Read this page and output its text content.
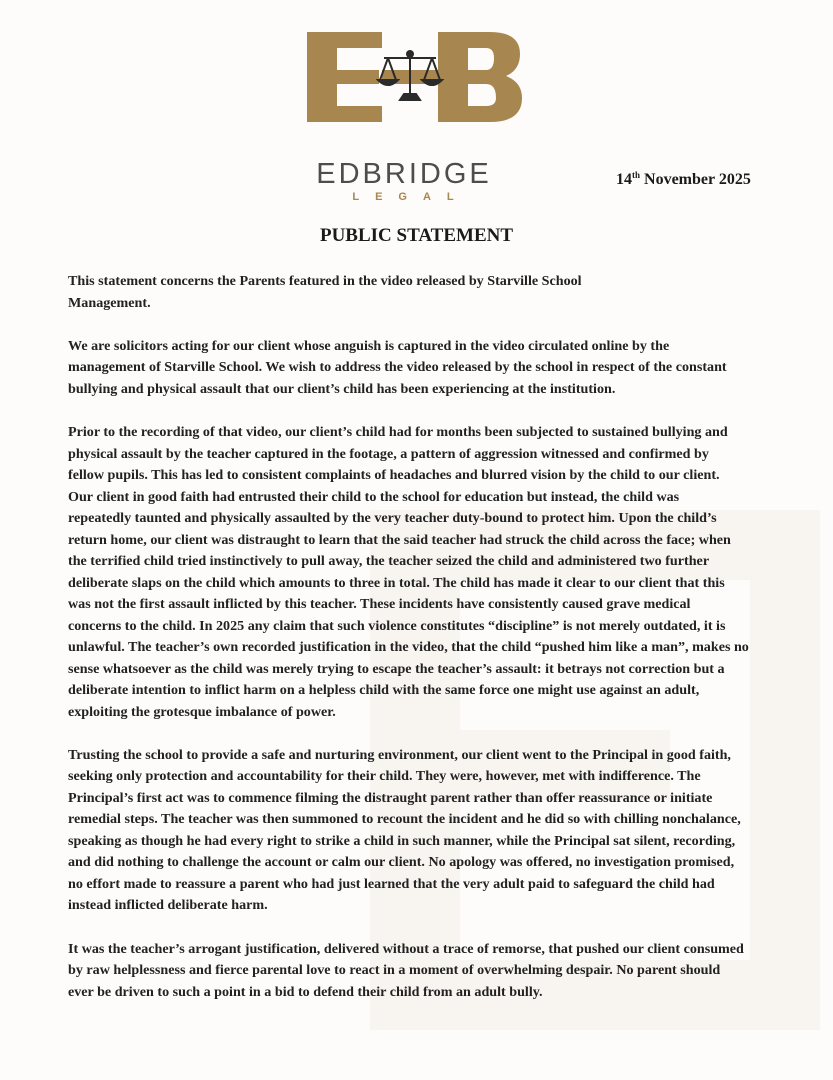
EDBRIDGE
LEGAL
14th November 2025
PUBLIC STATEMENT
This statement concerns the Parents featured in the video released by Starville School
Management.
We are solicitors acting for our client whose anguish is captured in the video circulated online by the
management of Starville School. We wish to address the video released by the school in respect of the constant
bullying and physical assault that our client’s child has been experiencing at the institution.
Prior to the recording of that video, our client’s child had for months been subjected to sustained bullying and
physical assault by the teacher captured in the footage, a pattern of aggression witnessed and confirmed by
fellow pupils. This has led to consistent complaints of headaches and blurred vision by the child to our client.
Our client in good faith had entrusted their child to the school for education but instead, the child was
repeatedly taunted and physically assaulted by the very teacher duty-bound to protect him. Upon the child’s
return home, our client was distraught to learn that the said teacher had struck the child across the face; when
the terrified child tried instinctively to pull away, the teacher seized the child and administered two further
deliberate slaps on the child which amounts to three in total. The child has made it clear to our client that this
was not the first assault inflicted by this teacher. These incidents have consistently caused grave medical
concerns to the child. In 2025 any claim that such violence constitutes “discipline” is not merely outdated, it is
unlawful. The teacher’s own recorded justification in the video, that the child “pushed him like a man”, makes no
sense whatsoever as the child was merely trying to escape the teacher’s assault: it betrays not correction but a
deliberate intention to inflict harm on a helpless child with the same force one might use against an adult,
exploiting the grotesque imbalance of power.
Trusting the school to provide a safe and nurturing environment, our client went to the Principal in good faith,
seeking only protection and accountability for their child. They were, however, met with indifference. The
Principal’s first act was to commence filming the distraught parent rather than offer reassurance or initiate
remedial steps. The teacher was then summoned to recount the incident and he did so with chilling nonchalance,
speaking as though he had every right to strike a child in such manner, while the Principal sat silent, recording,
and did nothing to challenge the account or calm our client. No apology was offered, no investigation promised,
no effort made to reassure a parent who had just learned that the very adult paid to safeguard the child had
instead inflicted deliberate harm.
It was the teacher’s arrogant justification, delivered without a trace of remorse, that pushed our client consumed
by raw helplessness and fierce parental love to react in a moment of overwhelming despair. No parent should
ever be driven to such a point in a bid to defend their child from an adult bully.
